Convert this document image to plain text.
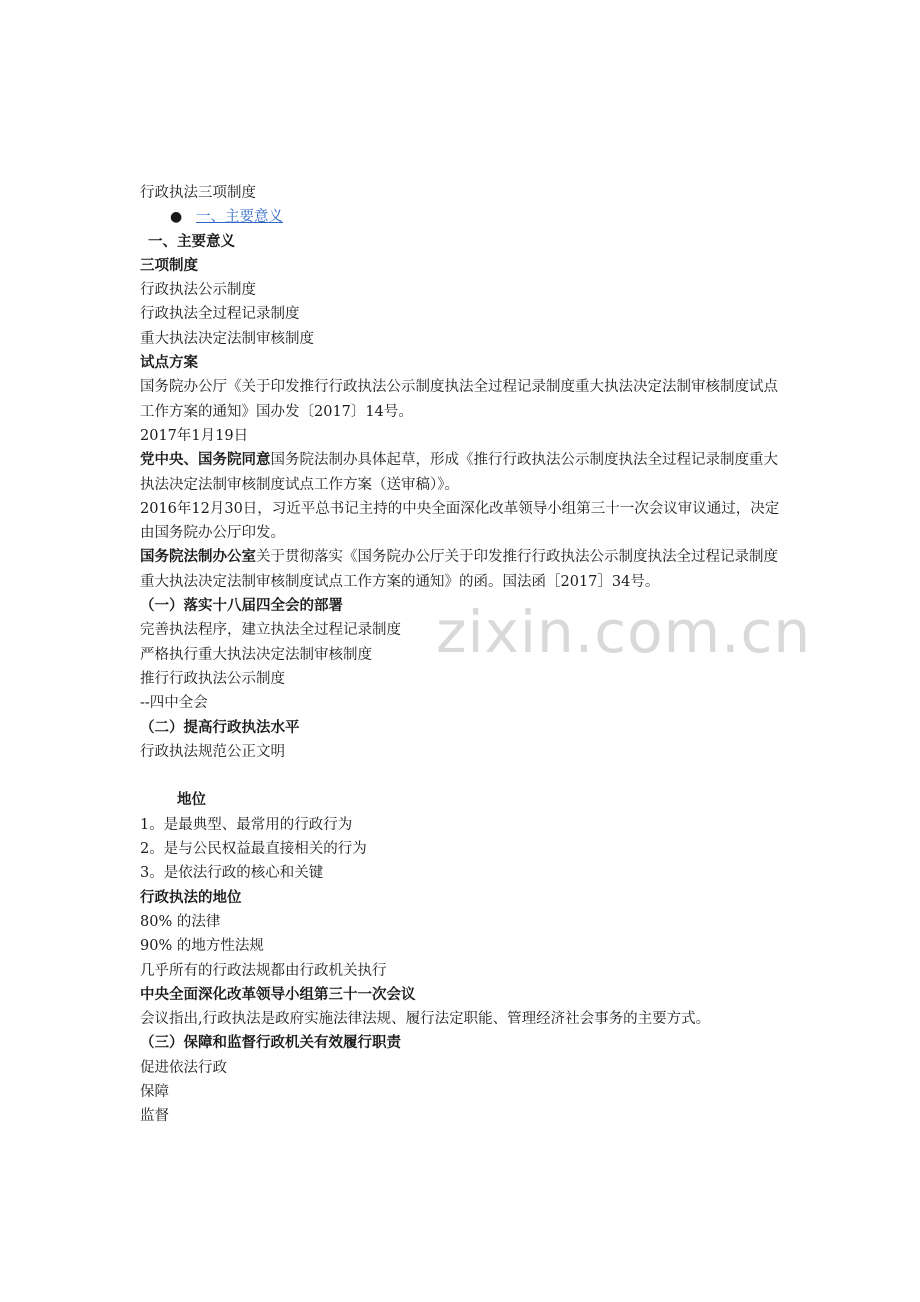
行政执法三项制度
● 一、主要意义
一、主要意义
三项制度
行政执法公示制度
行政执法全过程记录制度
重大执法决定法制审核制度
试点方案
国务院办公厅《关于印发推行行政执法公示制度执法全过程记录制度重大执法决定法制审核制度试点工作方案的通知》国办发〔2017〕14号。
2017年1月19日
党中央、国务院同意国务院法制办具体起草，形成《推行行政执法公示制度执法全过程记录制度重大执法决定法制审核制度试点工作方案（送审稿）》。
2016年12月30日，习近平总书记主持的中央全面深化改革领导小组第三十一次会议审议通过，决定由国务院办公厅印发。
国务院法制办公室关于贯彻落实《国务院办公厅关于印发推行行政执法公示制度执法全过程记录制度重大执法决定法制审核制度试点工作方案的通知》的函。国法函［2017］34号。
（一）落实十八届四全会的部署
完善执法程序，建立执法全过程记录制度
严格执行重大执法决定法制审核制度
推行行政执法公示制度
--四中全会
（二）提高行政执法水平
行政执法规范公正文明
地位
1。是最典型、最常用的行政行为
2。是与公民权益最直接相关的行为
3。是依法行政的核心和关键
行政执法的地位
80% 的法律
90% 的地方性法规
几乎所有的行政法规都由行政机关执行
中央全面深化改革领导小组第三十一次会议
会议指出,行政执法是政府实施法律法规、履行法定职能、管理经济社会事务的主要方式。
（三）保障和监督行政机关有效履行职责
促进依法行政
保障
监督
zixin.com.cn
